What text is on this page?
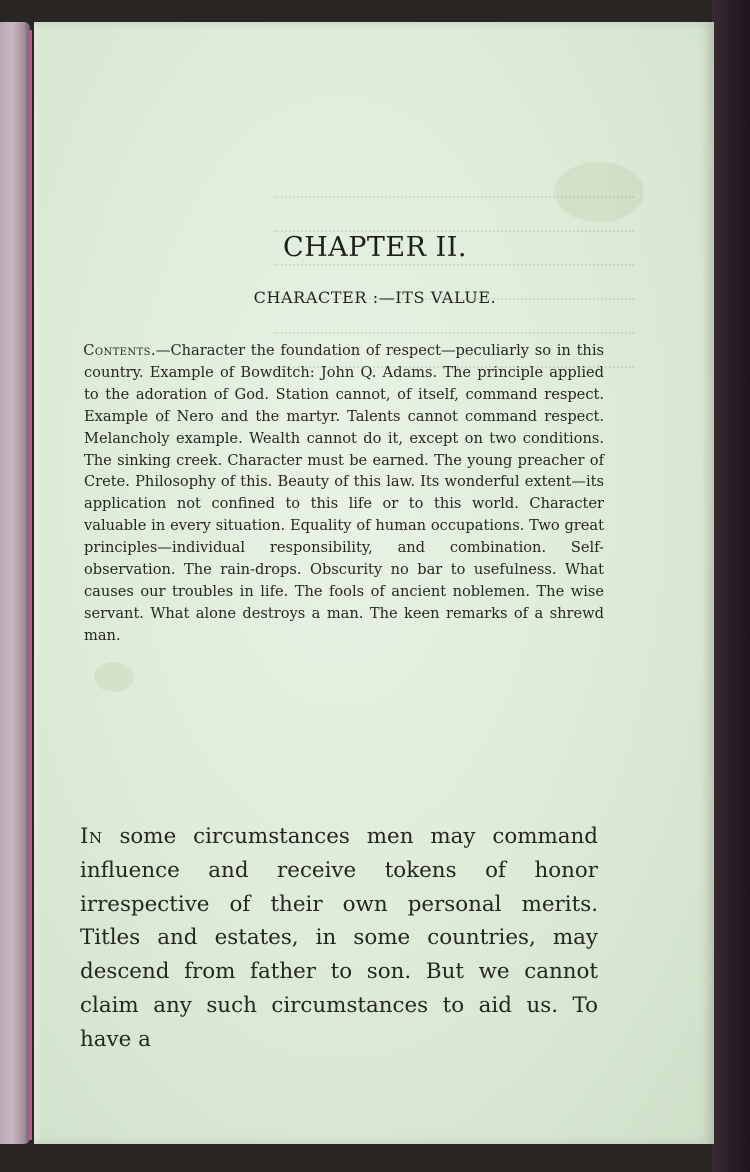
CHAPTER II.
CHARACTER :—ITS VALUE.

Contents.—Character the foundation of respect—peculiarly so in this country. Example of Bowditch: John Q. Adams. The principle applied to the adoration of God. Station cannot, of itself, command respect. Example of Nero and the martyr. Talents cannot command respect. Melancholy example. Wealth cannot do it, except on two conditions. The sinking creek. Character must be earned. The young preacher of Crete. Philosophy of this. Beauty of this law. Its wonderful extent—its application not confined to this life or to this world. Character valuable in every situation. Equality of human occupations. Two great principles—individual responsibility, and combination. Self-observation. The rain-drops. Obscurity no bar to usefulness. What causes our troubles in life. The fools of ancient noblemen. The wise servant. What alone destroys a man. The keen remarks of a shrewd man.

In some circumstances men may command influence and receive tokens of honor irrespective of their own personal merits. Titles and estates, in some countries, may descend from father to son. But we cannot claim any such circumstances to aid us. To have a
